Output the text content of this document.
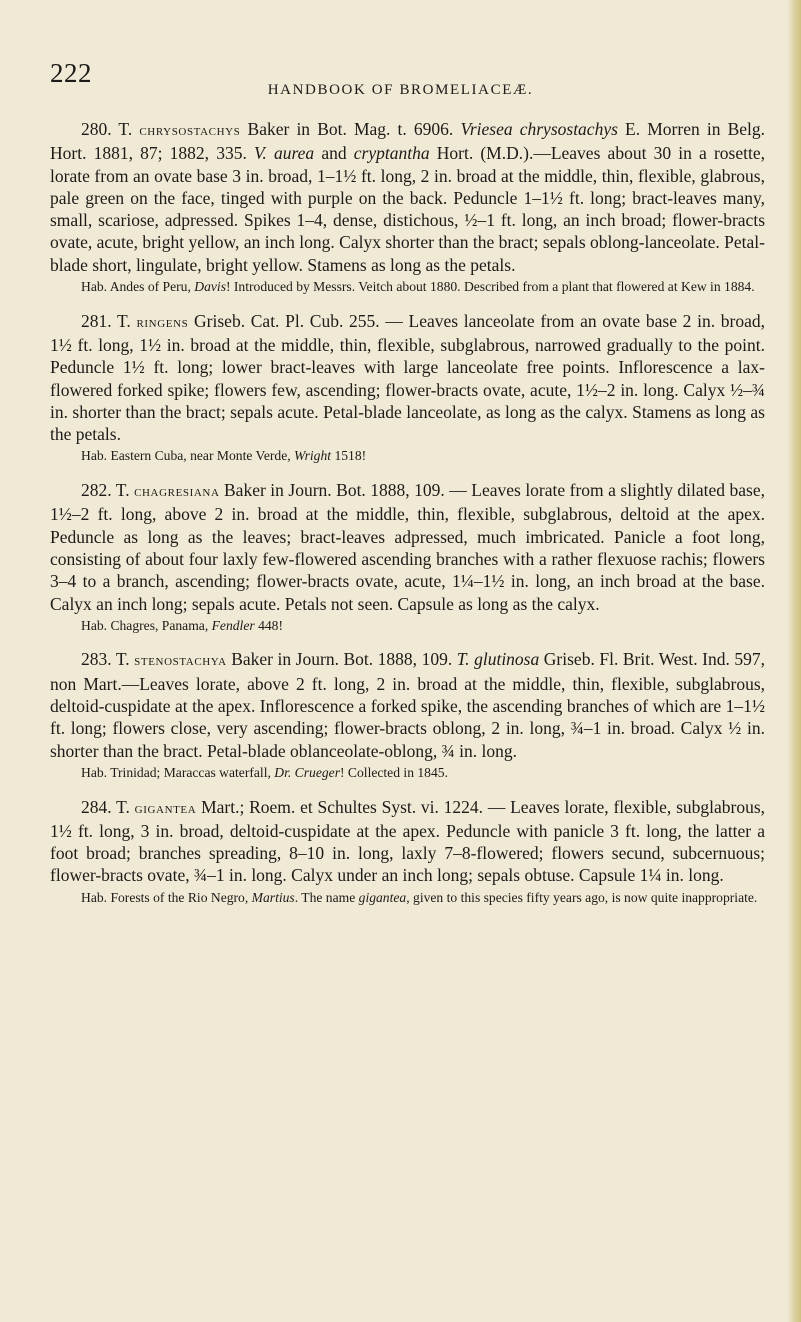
222
HANDBOOK OF BROMELIACEÆ.

280. T. chrysostachys Baker in Bot. Mag. t. 6906. Vriesea chrysostachys E. Morren in Belg. Hort. 1881, 87; 1882, 335. V. aurea and cryptantha Hort. (M.D.).—Leaves about 30 in a rosette, lorate from an ovate base 3 in. broad, 1–1½ ft. long, 2 in. broad at the middle, thin, flexible, glabrous, pale green on the face, tinged with purple on the back. Peduncle 1–1½ ft. long; bract-leaves many, small, scariose, adpressed. Spikes 1–4, dense, distichous, ½–1 ft. long, an inch broad; flower-bracts ovate, acute, bright yellow, an inch long. Calyx shorter than the bract; sepals oblong-lanceolate. Petal-blade short, lingulate, bright yellow. Stamens as long as the petals.

Hab. Andes of Peru, Davis! Introduced by Messrs. Veitch about 1880. Described from a plant that flowered at Kew in 1884.

281. T. ringens Griseb. Cat. Pl. Cub. 255. — Leaves lanceolate from an ovate base 2 in. broad, 1½ ft. long, 1½ in. broad at the middle, thin, flexible, subglabrous, narrowed gradually to the point. Peduncle 1½ ft. long; lower bract-leaves with large lanceolate free points. Inflorescence a lax-flowered forked spike; flowers few, ascending; flower-bracts ovate, acute, 1½–2 in. long. Calyx ½–¾ in. shorter than the bract; sepals acute. Petal-blade lanceolate, as long as the calyx. Stamens as long as the petals.

Hab. Eastern Cuba, near Monte Verde, Wright 1518!

282. T. chagresiana Baker in Journ. Bot. 1888, 109. — Leaves lorate from a slightly dilated base, 1½–2 ft. long, above 2 in. broad at the middle, thin, flexible, subglabrous, deltoid at the apex. Peduncle as long as the leaves; bract-leaves adpressed, much imbricated. Panicle a foot long, consisting of about four laxly few-flowered ascending branches with a rather flexuose rachis; flowers 3–4 to a branch, ascending; flower-bracts ovate, acute, 1¼–1½ in. long, an inch broad at the base. Calyx an inch long; sepals acute. Petals not seen. Capsule as long as the calyx.

Hab. Chagres, Panama, Fendler 448!

283. T. stenostachya Baker in Journ. Bot. 1888, 109. T. glutinosa Griseb. Fl. Brit. West. Ind. 597, non Mart.—Leaves lorate, above 2 ft. long, 2 in. broad at the middle, thin, flexible, subglabrous, deltoid-cuspidate at the apex. Inflorescence a forked spike, the ascending branches of which are 1–1½ ft. long; flowers close, very ascending; flower-bracts oblong, 2 in. long, ¾–1 in. broad. Calyx ½ in. shorter than the bract. Petal-blade oblanceolate-oblong, ¾ in. long.

Hab. Trinidad; Maraccas waterfall, Dr. Crueger! Collected in 1845.

284. T. gigantea Mart.; Roem. et Schultes Syst. vi. 1224. — Leaves lorate, flexible, subglabrous, 1½ ft. long, 3 in. broad, deltoid-cuspidate at the apex. Peduncle with panicle 3 ft. long, the latter a foot broad; branches spreading, 8–10 in. long, laxly 7–8-flowered; flowers secund, subcernuous; flower-bracts ovate, ¾–1 in. long. Calyx under an inch long; sepals obtuse. Capsule 1¼ in. long.

Hab. Forests of the Rio Negro, Martius. The name gigantea, given to this species fifty years ago, is now quite inappropriate.
